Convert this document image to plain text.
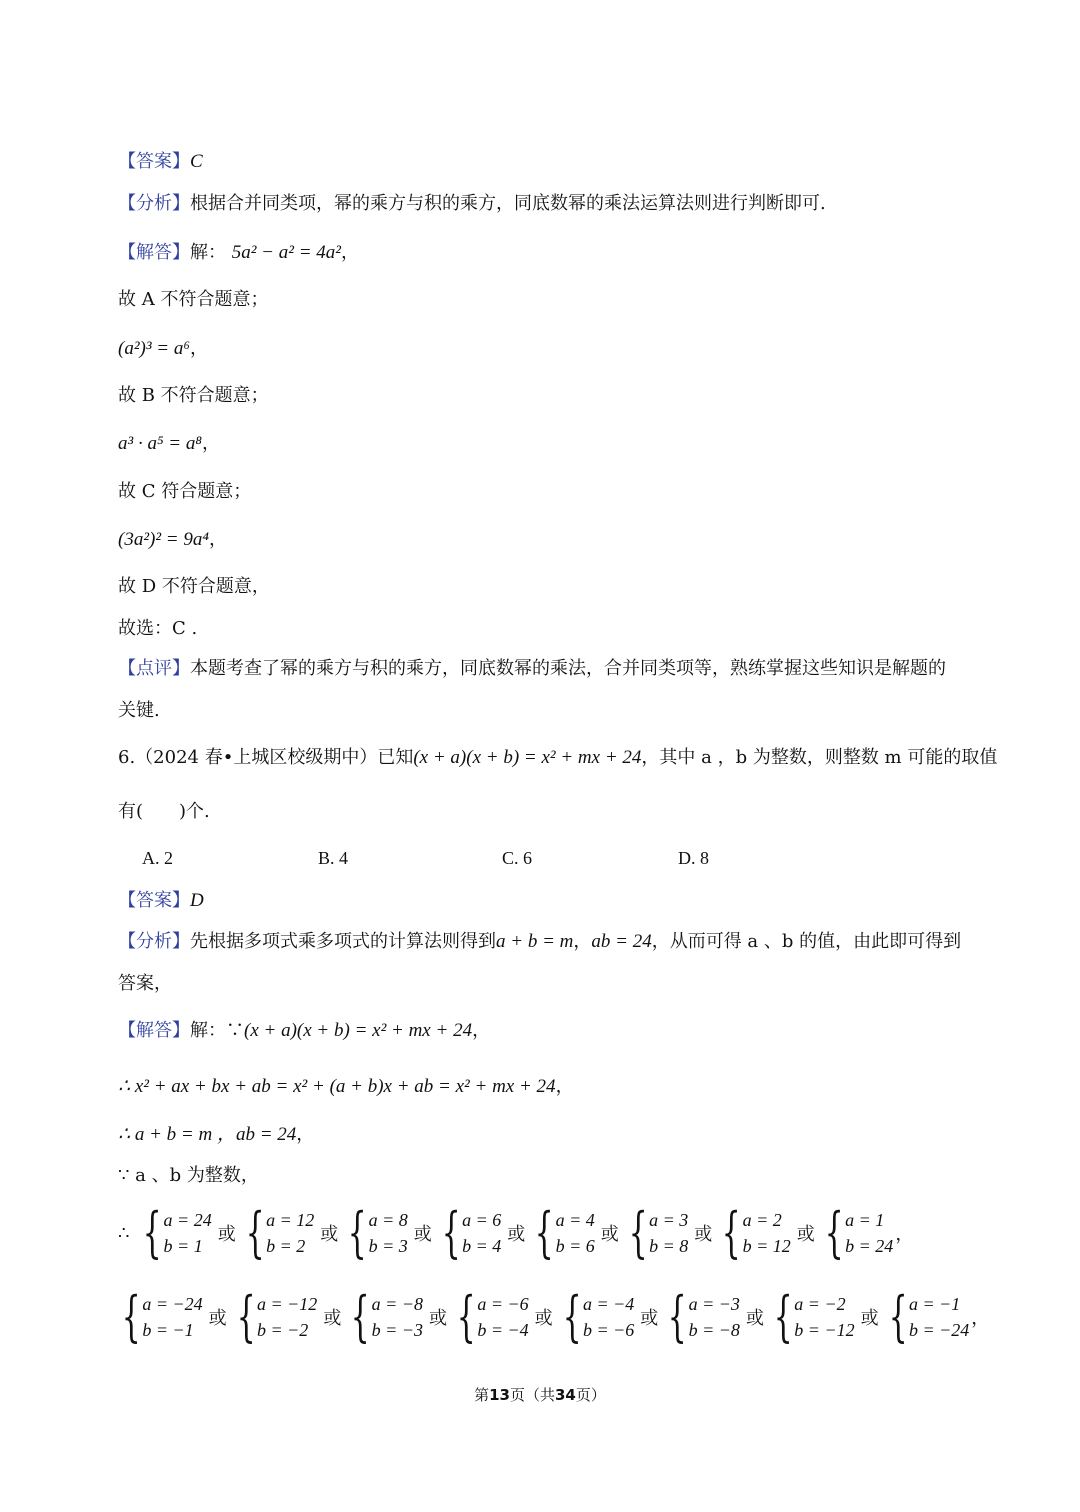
【答案】C
【分析】根据合并同类项，幂的乘方与积的乘方，同底数幂的乘法运算法则进行判断即可.
【解答】解： 5a² − a² = 4a²，
故 A 不符合题意；
(a²)³ = a⁶，
故 B 不符合题意；
a³ · a⁵ = a⁸，
故 C 符合题意；
(3a²)² = 9a⁴，
故 D 不符合题意，
故选：C .
【点评】本题考查了幂的乘方与积的乘方，同底数幂的乘法，合并同类项等，熟练掌握这些知识是解题的
关键.
6.（2024 春•上城区校级期中）已知(x + a)(x + b) = x² + mx + 24，其中 a ，b 为整数，则整数 m 可能的取值
有(　　)个.
A. 2	B. 4	C. 6	D. 8
【答案】D
【分析】先根据多项式乘多项式的计算法则得到a + b = m，ab = 24，从而可得 a 、b 的值，由此即可得到
答案，
【解答】解：∵(x + a)(x + b) = x² + mx + 24，
∴ x² + ax + bx + ab = x² + (a + b)x + ab = x² + mx + 24，
∴ a + b = m ，ab = 24，
∵ a 、b 为整数，
∴ { a = 24
b = 1
或 { a = 12
b = 2
或 { a = 8
b = 3
或 { a = 6
b = 4
或 { a = 4
b = 6
或 { a = 3
b = 8
或 { a = 2
b = 12
或 { a = 1
b = 24
，
{ a = −24
b = −1
或 { a = −12
b = −2
或 { a = −8
b = −3
或 { a = −6
b = −4
或 { a = −4
b = −6
或 { a = −3
b = −8
或 { a = −2
b = −12
或 { a = −1
b = −24
，
第13页（共34页）
